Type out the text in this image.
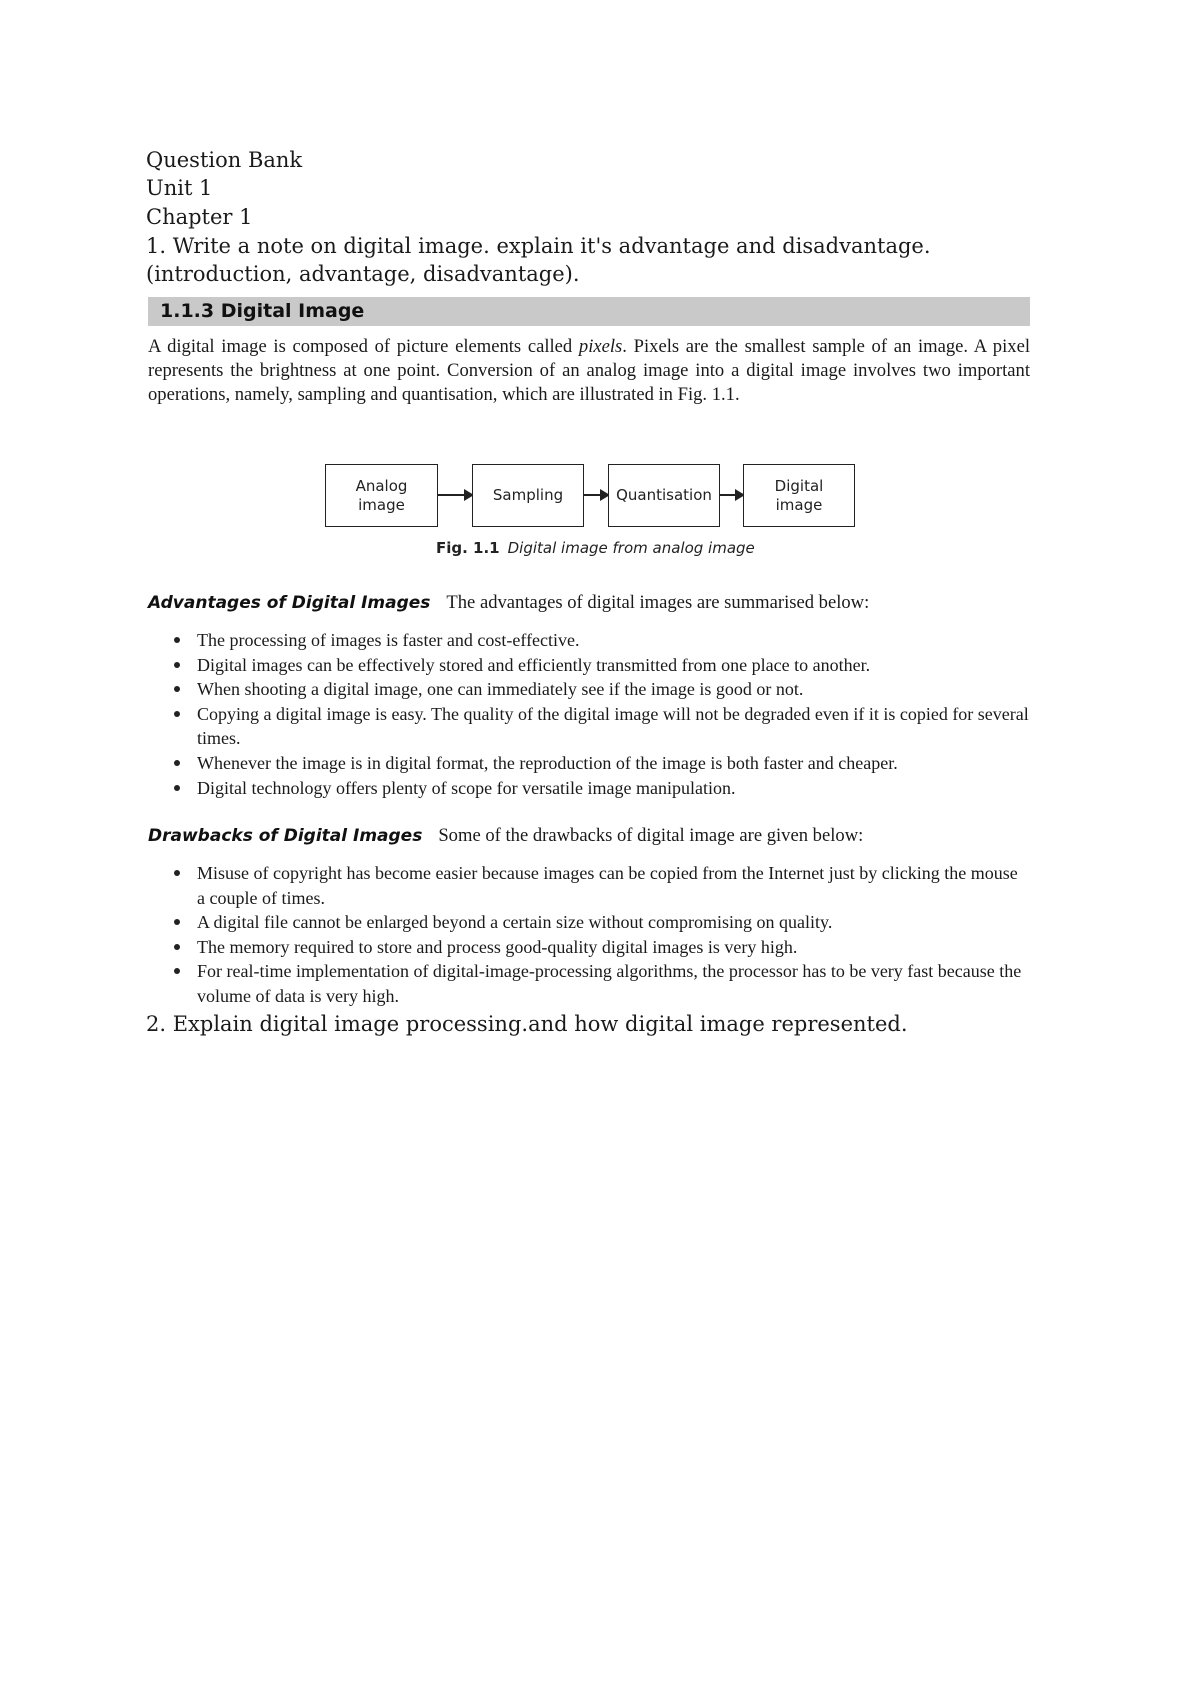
Question Bank
Unit 1
Chapter 1
1. Write a note on digital image. explain it's advantage and disadvantage.(introduction, advantage, disadvantage).
1.1.3 Digital Image
A digital image is composed of picture elements called pixels. Pixels are the smallest sample of an image. A pixel represents the brightness at one point. Conversion of an analog image into a digital image involves two important operations, namely, sampling and quantisation, which are illustrated in Fig. 1.1.
Analog
image
Sampling	Quantisation
Digital
image
Fig. 1.1 Digital image from analog image
Advantages of Digital Images The advantages of digital images are summarised below:
The processing of images is faster and cost-effective.
Digital images can be effectively stored and efficiently transmitted from one place to another.
When shooting a digital image, one can immediately see if the image is good or not.
Copying a digital image is easy. The quality of the digital image will not be degraded even if it is copied for several times.
Whenever the image is in digital format, the reproduction of the image is both faster and cheaper.
Digital technology offers plenty of scope for versatile image manipulation.
Drawbacks of Digital Images Some of the drawbacks of digital image are given below:
Misuse of copyright has become easier because images can be copied from the Internet just by clicking the mouse a couple of times.
A digital file cannot be enlarged beyond a certain size without compromising on quality.
The memory required to store and process good-quality digital images is very high.
For real-time implementation of digital-image-processing algorithms, the processor has to be very fast because the volume of data is very high.
2. Explain digital image processing.and how digital image represented.
